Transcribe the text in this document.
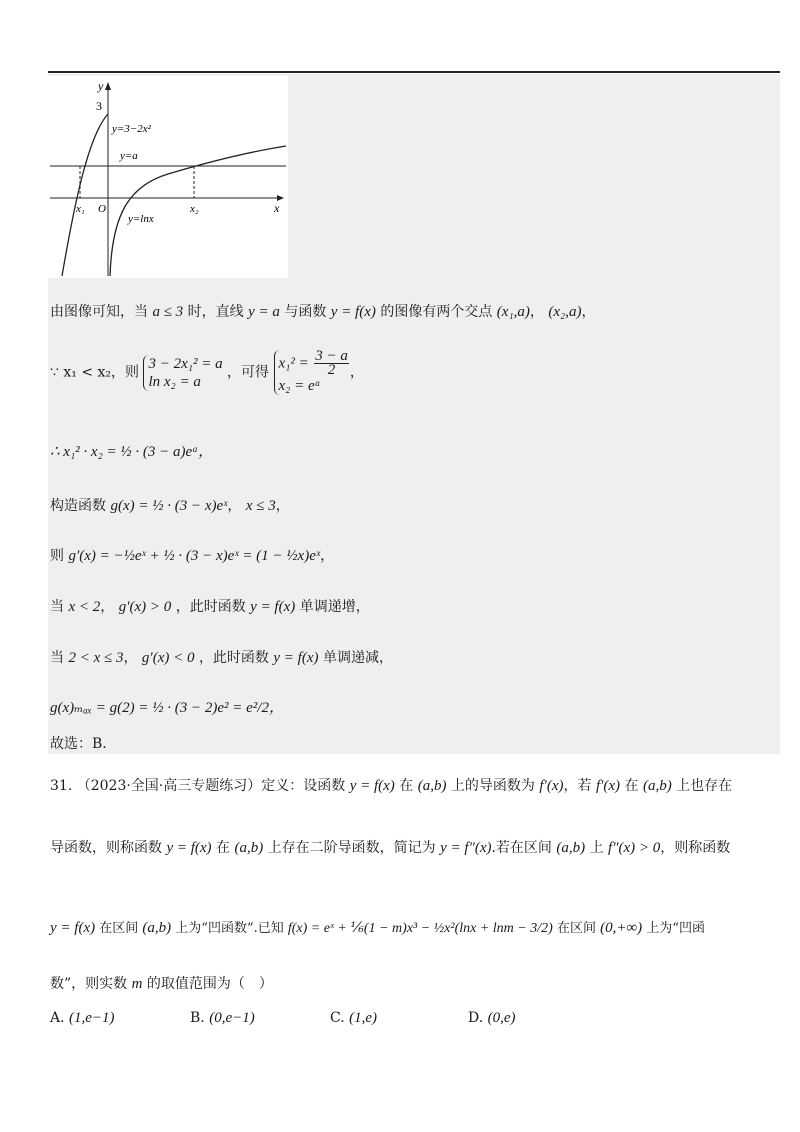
y
3
y=3−2x²
y=a
x₁ O	x₂	x
y=lnx
由图像可知，当 a ≤ 3 时，直线 y = a 与函数 y = f(x) 的图像有两个交点 (x₁,a)， (x₂,a)，
∵ x₁ < x₂，则
3 − 2x₁² = a
ln x₂ = a
，可得
$x_1^2 = \frac{3 - a}{2}$
x₂ = eᵃ
，
∴ x₁² · x₂ = ½ · (3 − a)eᵃ，
构造函数 g(x) = ½ · (3 − x)eˣ， x ≤ 3，
则 g′(x) = −½eˣ + ½ · (3 − x)eˣ = (1 − ½x)eˣ，
当 x < 2， g′(x) > 0 ，此时函数 y = f(x) 单调递增，
当 2 < x ≤ 3， g′(x) < 0 ，此时函数 y = f(x) 单调递减，
g(x)ₘₐₓ = g(2) = ½ · (3 − 2)e² = e²/2，
故选：B.
31. （2023·全国·高三专题练习）定义：设函数 y = f(x) 在 (a,b) 上的导函数为 f′(x)，若 f′(x) 在 (a,b) 上也存在
导函数，则称函数 y = f(x) 在 (a,b) 上存在二阶导函数，简记为 y = f″(x).若在区间 (a,b) 上 f″(x) > 0，则称函数
y = f(x) 在区间 (a,b) 上为“凹函数”.已知 f(x) = eˣ + ⅙(1 − m)x³ − ½x²(lnx + lnm − 3/2) 在区间 (0,+∞) 上为“凹函
数”，则实数 m 的取值范围为（　）
A. (1,e−1)	B. (0,e−1)	C. (1,e)	D. (0,e)
